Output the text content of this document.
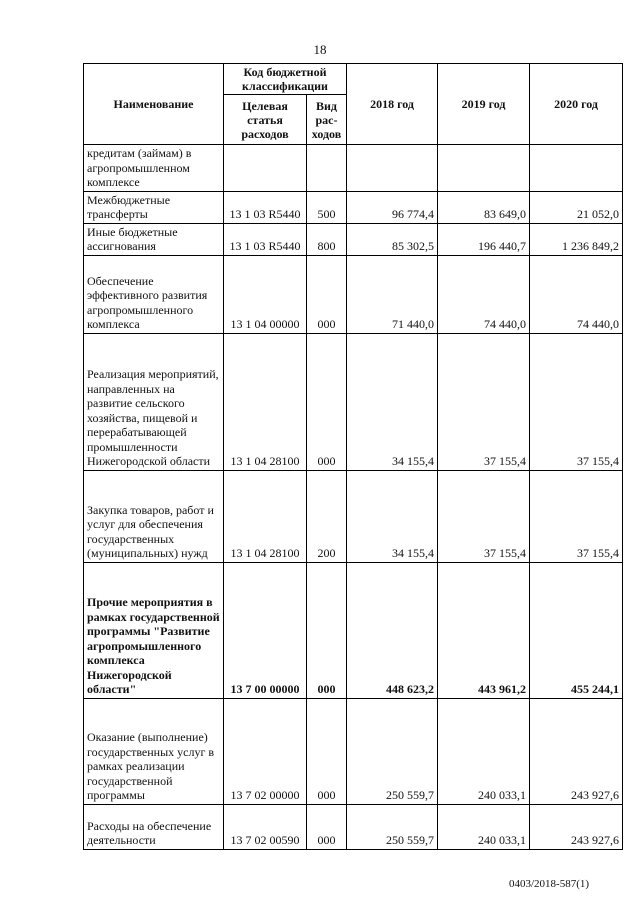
18
Наименование	Код бюджетной классификации		2018 год	2019 год	2020 год
	Целевая статья расходов	Вид рас-ходов			
кредитам (займам) в агропромышленном комплексе					
Межбюджетные трансферты	13 1 03 R5440	500	96 774,4	83 649,0	21 052,0
Иные бюджетные ассигнования	13 1 03 R5440	800	85 302,5	196 440,7	1 236 849,2
Обеспечение эффективного развития агропромышленного комплекса	13 1 04 00000	000	71 440,0	74 440,0	74 440,0
Реализация мероприятий, направленных на развитие сельского хозяйства, пищевой и перерабатывающей промышленности Нижегородской области	13 1 04 28100	000	34 155,4	37 155,4	37 155,4
Закупка товаров, работ и услуг для обеспечения государственных (муниципальных) нужд	13 1 04 28100	200	34 155,4	37 155,4	37 155,4
Прочие мероприятия в рамках государственной программы "Развитие агропромышленного комплекса Нижегородской области"	13 7 00 00000	000	448 623,2	443 961,2	455 244,1
Оказание (выполнение) государственных услуг в рамках реализации государственной программы	13 7 02 00000	000	250 559,7	240 033,1	243 927,6
Расходы на обеспечение деятельности	13 7 02 00590	000	250 559,7	240 033,1	243 927,6
0403/2018-587(1)
